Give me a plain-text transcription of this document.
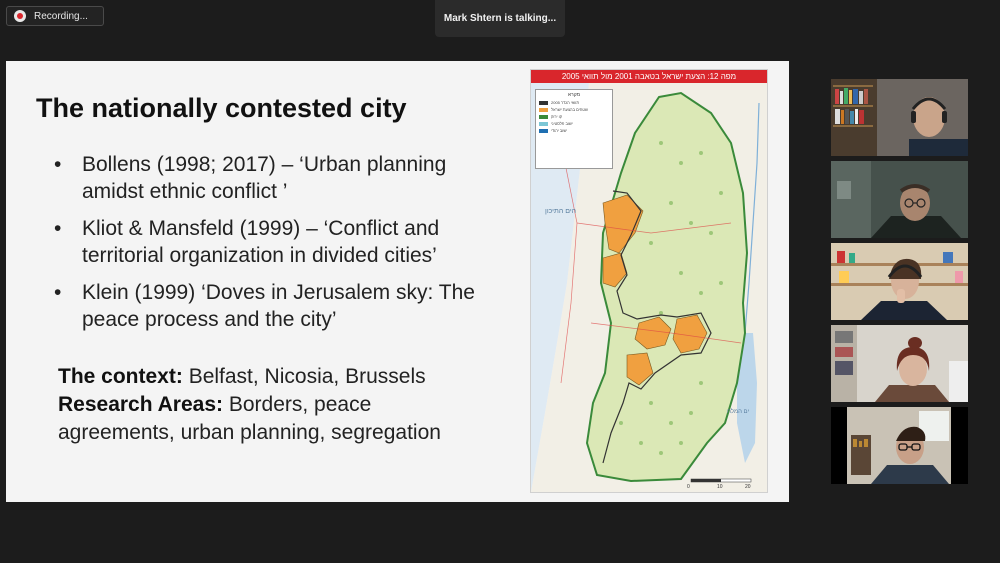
Recording...	Mark Shtern is talking...
The nationally contested city
• Bollens (1998; 2017) – ‘Urban planning amidst ethnic conflict ’
• Kliot & Mansfeld (1999) – ‘Conflict and territorial organization in divided cities’
• Klein (1999) ‘Doves in Jerusalem sky: The peace process and the city’
The context: Belfast, Nicosia, Brussels
Research Areas: Borders, peace agreements, urban planning, segregation
מפה 12: הצעת ישראל בטאבה 2001 מול תוואי 2005
מקרא
תוואי הגדר 2005
שטחים בהצעת ישראל
קו ירוק
ישוב פלסטיני
ישוב יהודי
הים התיכון
ים המלח
0	10	20
